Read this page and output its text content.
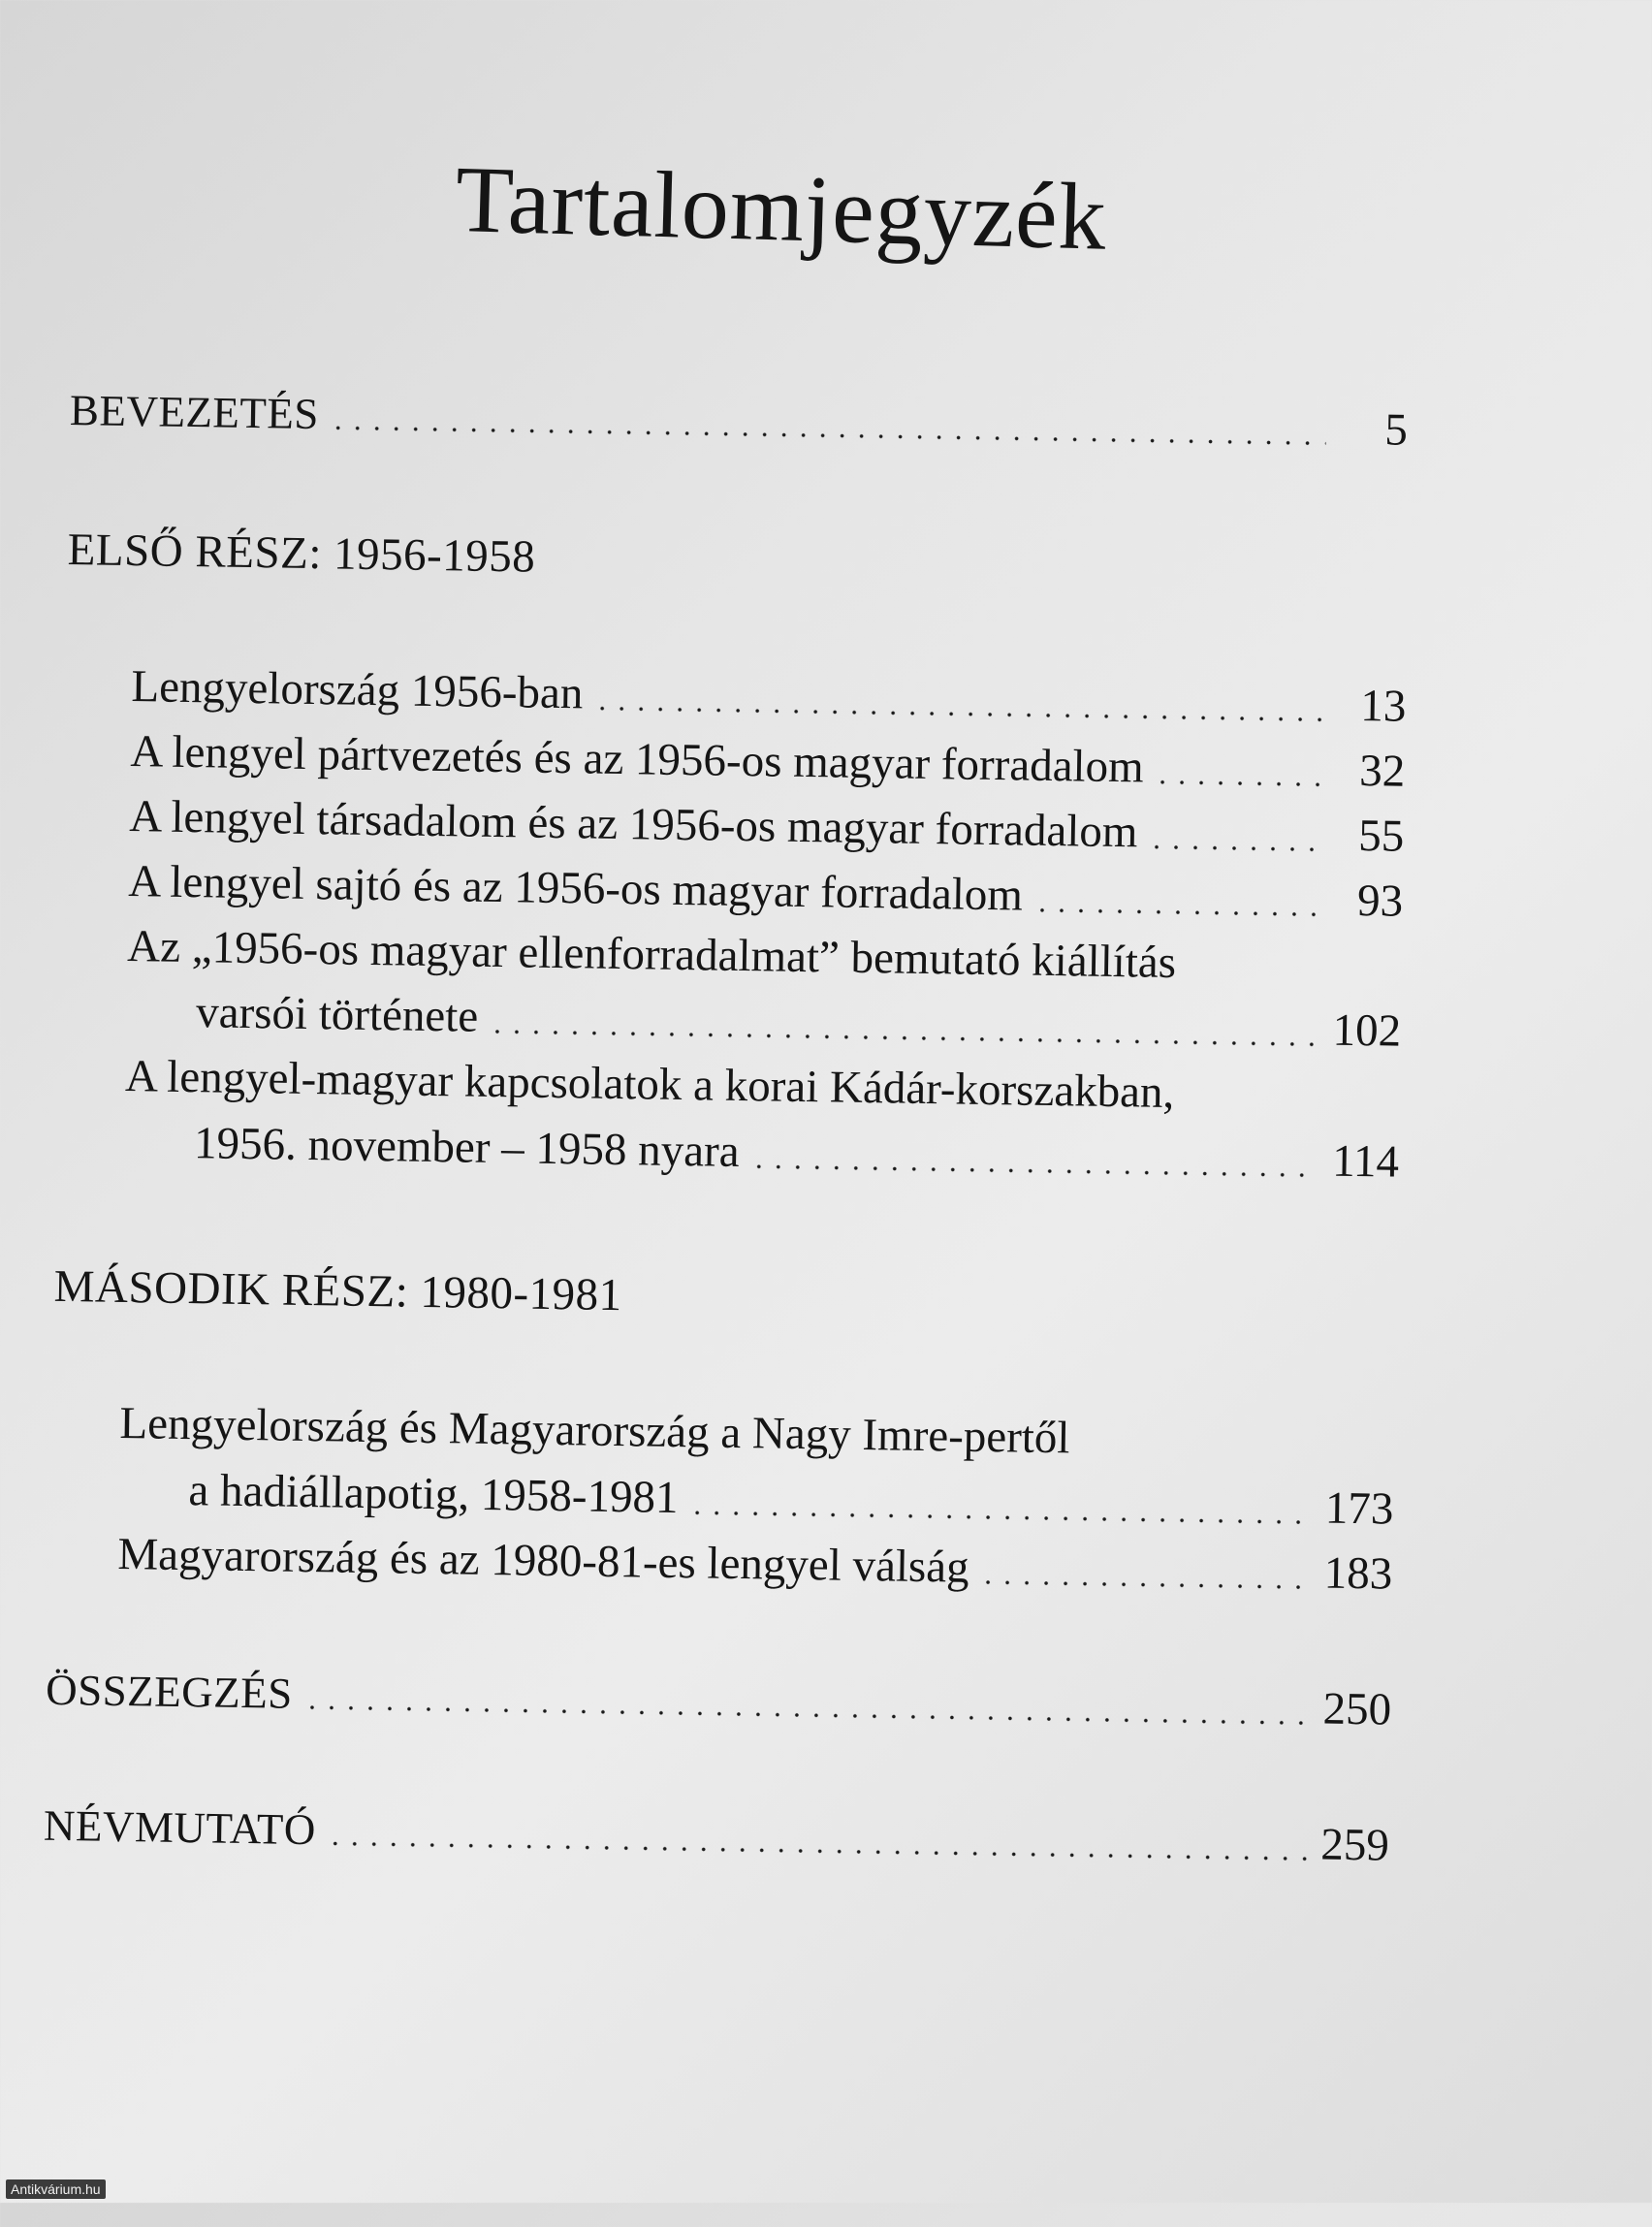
Tartalomjegyzék
BEVEZETÉS	5
ELSŐ RÉSZ: 1956-1958
Lengyelország 1956-ban	13
A lengyel pártvezetés és az 1956-os magyar forradalom	32
A lengyel társadalom és az 1956-os magyar forradalom	55
A lengyel sajtó és az 1956-os magyar forradalom	93
Az „1956-os magyar ellenforradalmat” bemutató kiállítás
varsói története	102
A lengyel-magyar kapcsolatok a korai Kádár-korszakban,
1956. november – 1958 nyara	114
MÁSODIK RÉSZ: 1980-1981
Lengyelország és Magyarország a Nagy Imre-pertől
a hadiállapotig, 1958-1981	173
Magyarország és az 1980-81-es lengyel válság	183
ÖSSZEGZÉS	250
NÉVMUTATÓ	259
Antikvárium.hu
